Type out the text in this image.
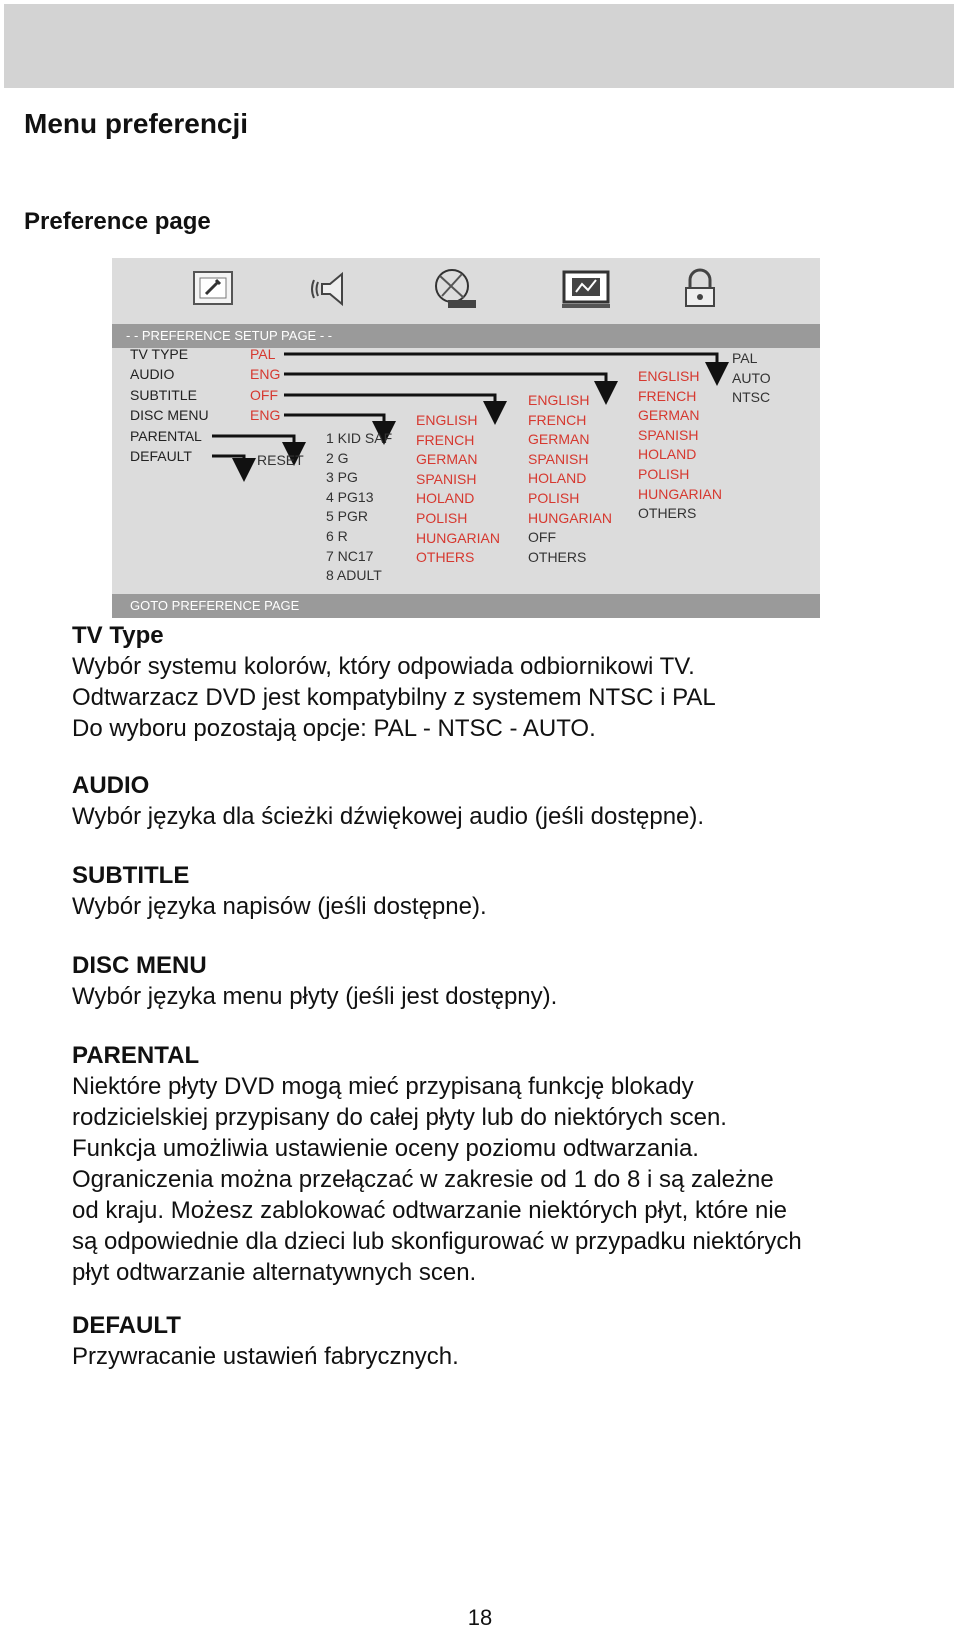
Menu preferencji
Preference page
- - PREFERENCE SETUP PAGE - -
TV TYPE
AUDIO
SUBTITLE
DISC MENU
PARENTAL
DEFAULT
PAL
ENG
OFF
ENG
RESET
1 KID SAF
2 G
3 PG
4 PG13
5 PGR
6 R
7 NC17
8 ADULT
ENGLISH
FRENCH
GERMAN
SPANISH
HOLAND
POLISH
HUNGARIAN
OTHERS
ENGLISH
FRENCH
GERMAN
SPANISH
HOLAND
POLISH
HUNGARIAN
OFF
OTHERS
ENGLISH
FRENCH
GERMAN
SPANISH
HOLAND
POLISH
HUNGARIAN
OTHERS
PAL
AUTO
NTSC
GOTO PREFERENCE PAGE
TV Type
Wybór systemu kolorów, który odpowiada odbiornikowi TV.
Odtwarzacz DVD jest kompatybilny z systemem NTSC i PAL
Do wyboru pozostają opcje: PAL - NTSC - AUTO.
AUDIO
Wybór języka dla ścieżki dźwiękowej audio (jeśli dostępne).
SUBTITLE
Wybór języka napisów (jeśli dostępne).
DISC MENU
Wybór języka menu płyty (jeśli jest dostępny).
PARENTAL
Niektóre płyty DVD mogą mieć przypisaną funkcję blokady
rodzicielskiej przypisany do całej płyty lub do niektórych scen.
Funkcja umożliwia ustawienie oceny poziomu odtwarzania.
Ograniczenia można przełączać w zakresie od 1 do 8 i są zależne
od kraju. Możesz zablokować odtwarzanie niektórych płyt, które nie
są odpowiednie dla dzieci lub skonfigurować w przypadku niektórych
płyt odtwarzanie alternatywnych scen.
DEFAULT
Przywracanie ustawień fabrycznych.
18
